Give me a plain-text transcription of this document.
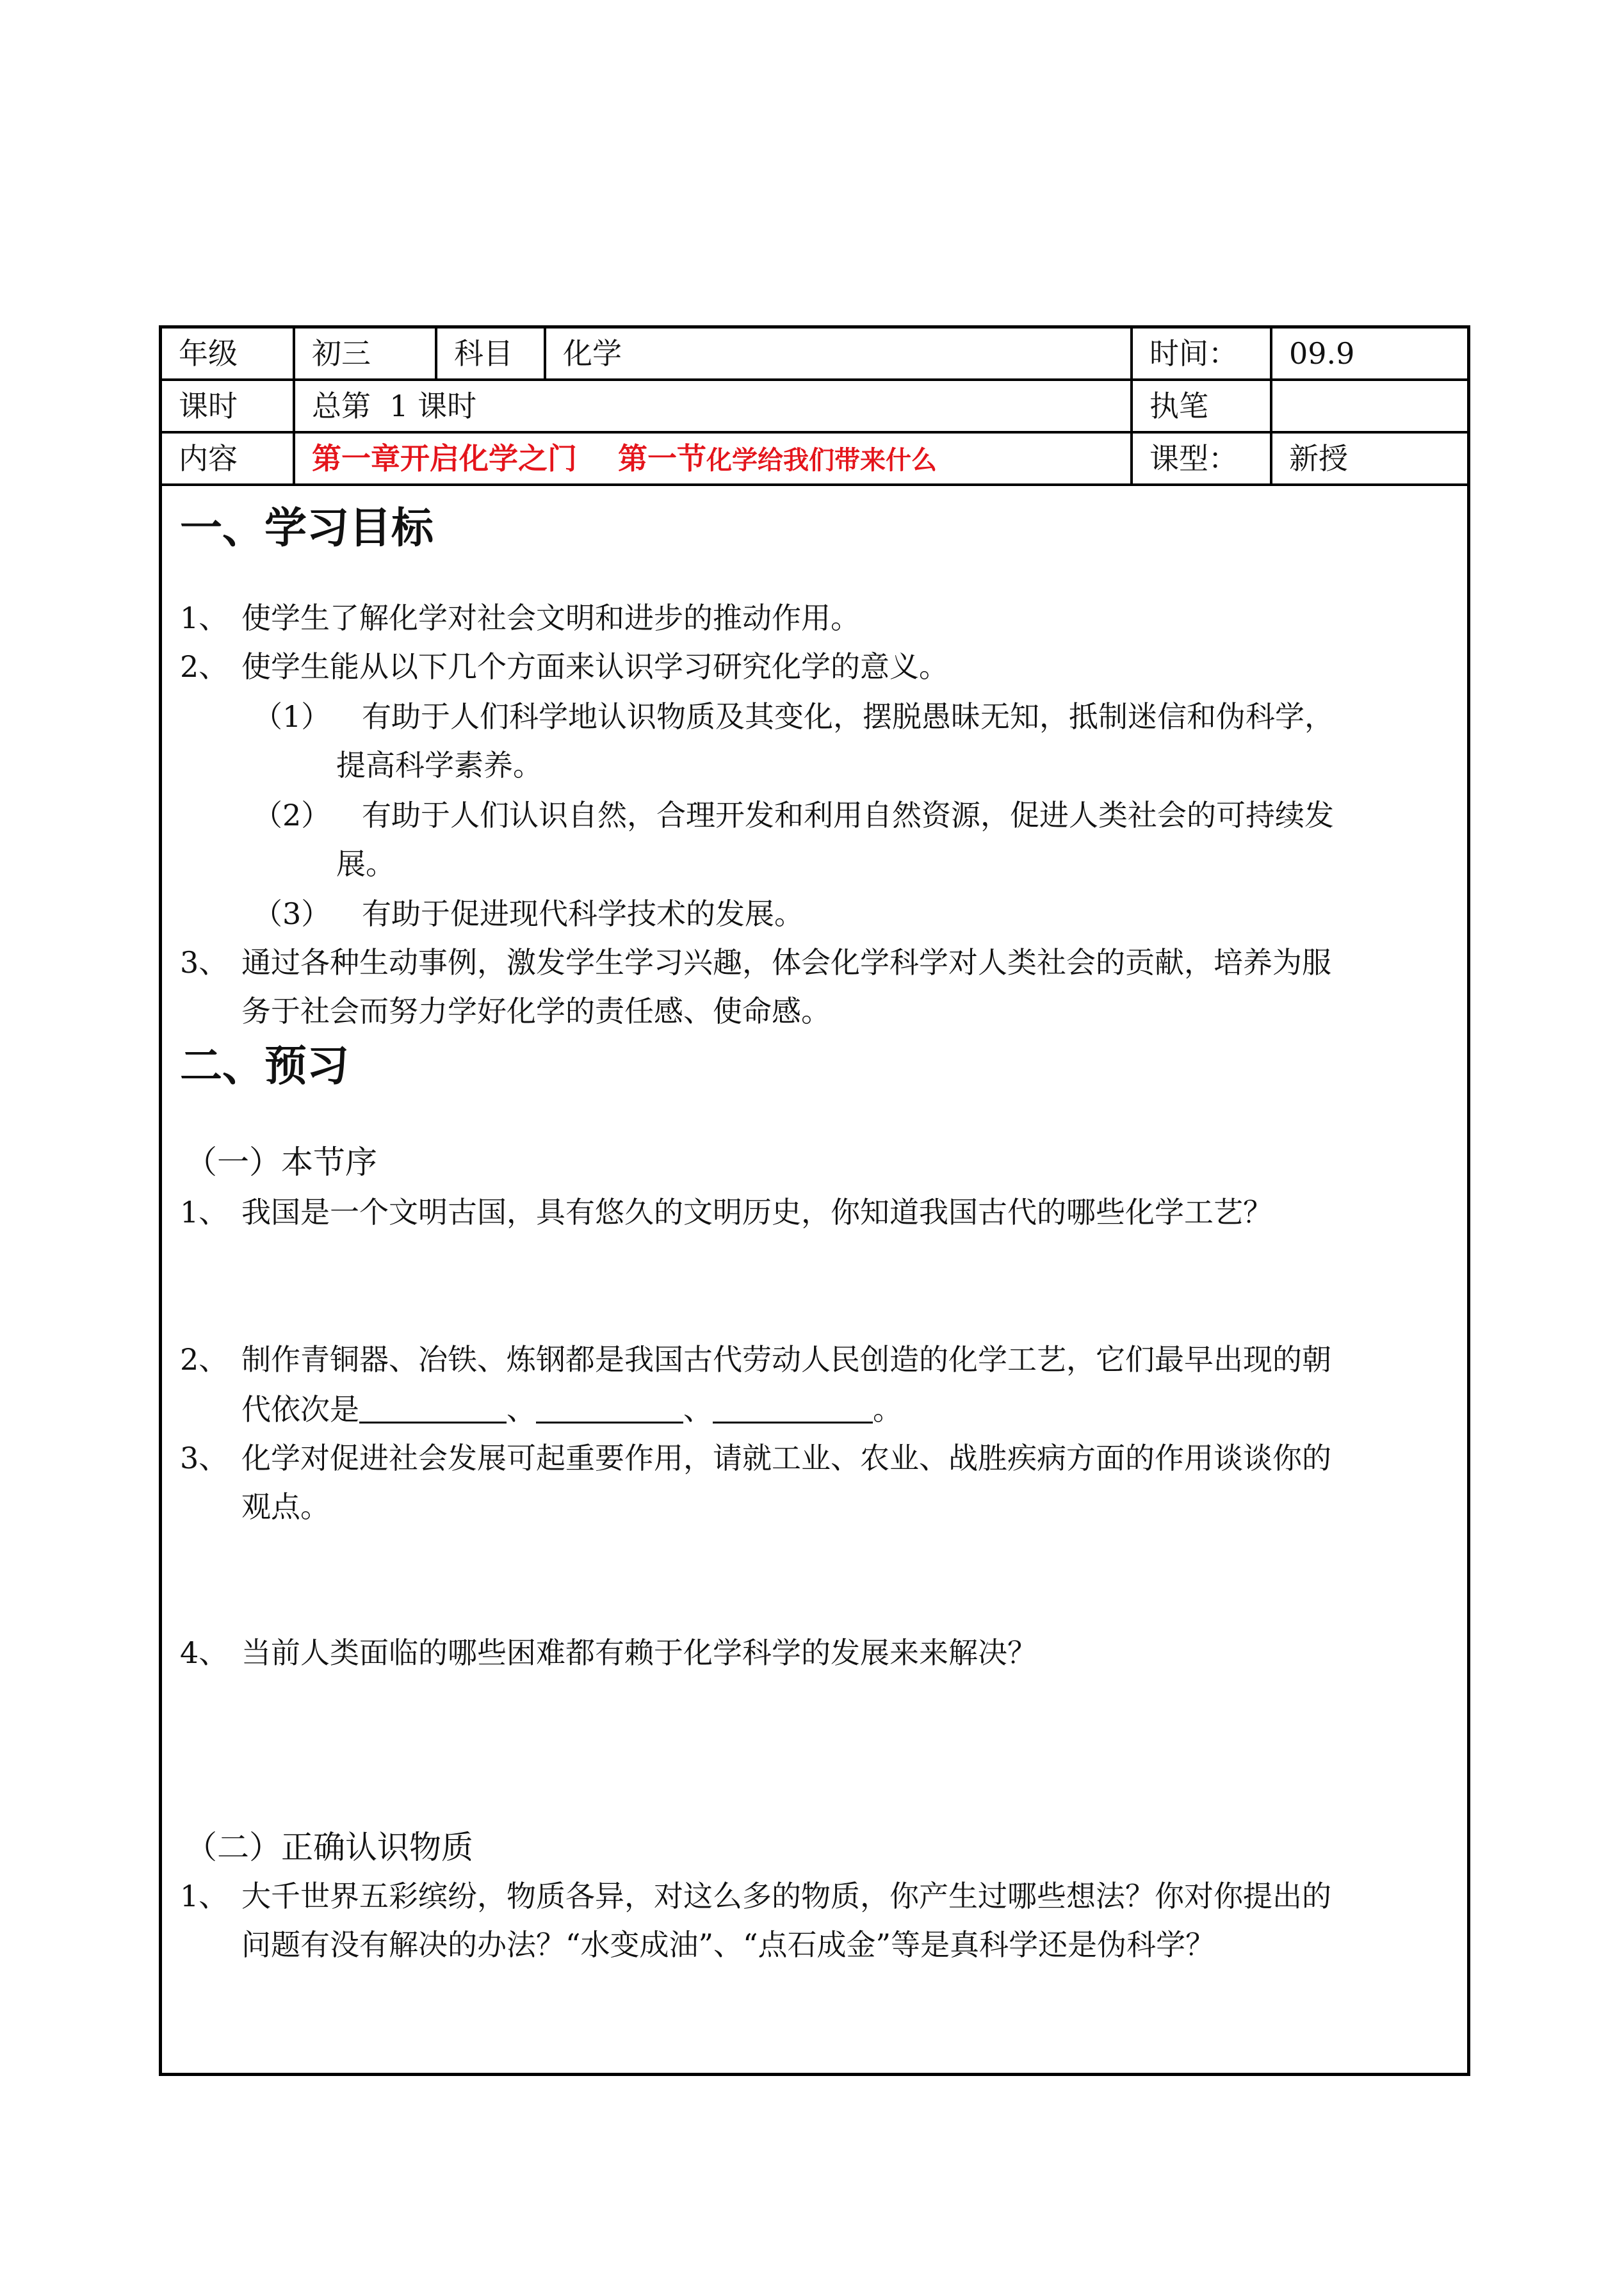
年级	初三	科目	化学	时间：	09.9
课时	总第  1 课时	执笔
内容	第一章开启化学之门    第一节化学给我们带来什么	课型：	新授
一、学习目标
1、 使学生了解化学对社会文明和进步的推动作用。
2、 使学生能从以下几个方面来认识学习研究化学的意义。
（1） 有助于人们科学地认识物质及其变化，摆脱愚昧无知，抵制迷信和伪科学，
提高科学素养。
（2） 有助于人们认识自然，合理开发和利用自然资源，促进人类社会的可持续发
展。
（3） 有助于促进现代科学技术的发展。
3、 通过各种生动事例，激发学生学习兴趣，体会化学科学对人类社会的贡献，培养为服
务于社会而努力学好化学的责任感、使命感。
二、预习
（一）本节序
1、 我国是一个文明古国，具有悠久的文明历史，你知道我国古代的哪些化学工艺？
2、 制作青铜器、冶铁、炼钢都是我国古代劳动人民创造的化学工艺，它们最早出现的朝
代依次是	、	、	。
3、 化学对促进社会发展可起重要作用，请就工业、农业、战胜疾病方面的作用谈谈你的
观点。
4、 当前人类面临的哪些困难都有赖于化学科学的发展来来解决？
（二）正确认识物质
1、 大千世界五彩缤纷，物质各异，对这么多的物质，你产生过哪些想法？你对你提出的
问题有没有解决的办法？“水变成油”、“点石成金”等是真科学还是伪科学？
